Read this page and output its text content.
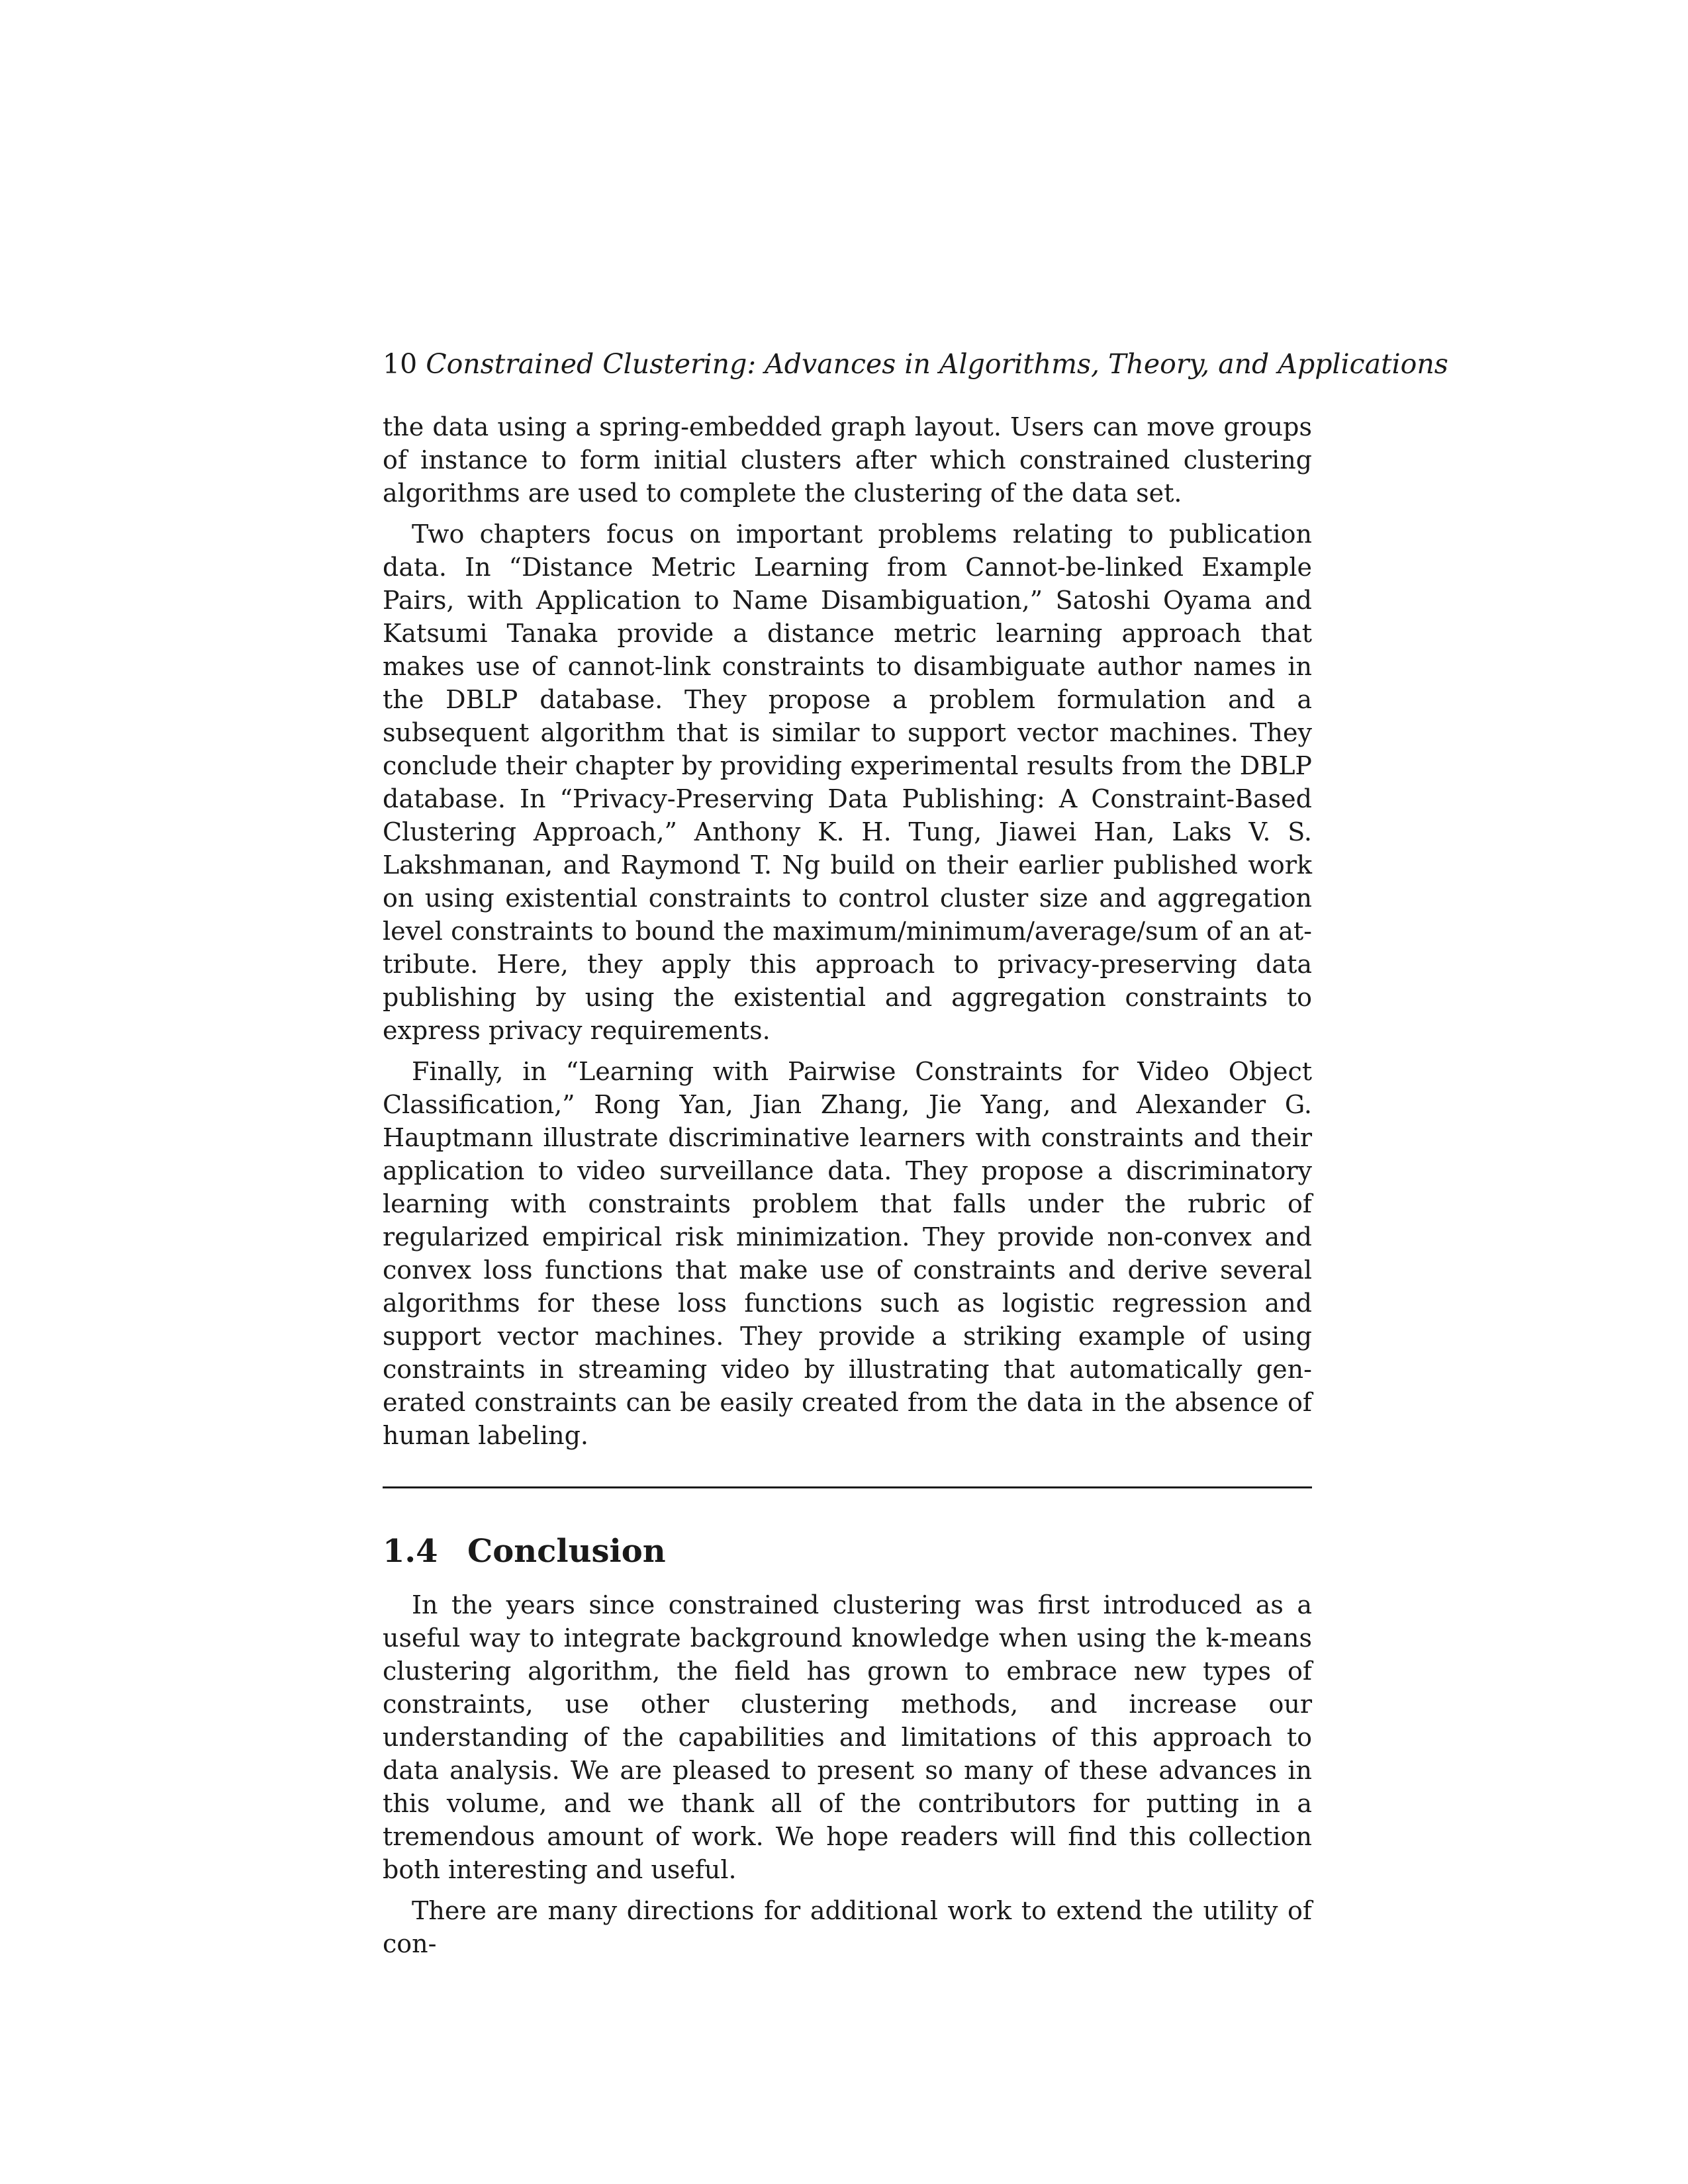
10 Constrained Clustering: Advances in Algorithms, Theory, and Applications

the data using a spring-embedded graph layout. Users can move groups of instance to form initial clusters after which constrained clustering algorithms are used to complete the clustering of the data set.

Two chapters focus on important problems relating to publication data. In “Distance Metric Learning from Cannot-be-linked Example Pairs, with Application to Name Disambiguation,” Satoshi Oyama and Katsumi Tanaka provide a distance metric learning approach that makes use of cannot-link constraints to disambiguate author names in the DBLP database. They propose a problem formulation and a subsequent algorithm that is similar to support vector machines. They conclude their chapter by providing experimental results from the DBLP database. In “Privacy-Preserving Data Publishing: A Constraint-Based Clustering Approach,” Anthony K. H. Tung, Jiawei Han, Laks V. S. Lakshmanan, and Raymond T. Ng build on their earlier published work on using existential constraints to control cluster size and aggregation level constraints to bound the maximum/minimum/average/sum of an attribute. Here, they apply this approach to privacy-preserving data publishing by using the existential and aggregation constraints to express privacy requirements.

Finally, in “Learning with Pairwise Constraints for Video Object Classification,” Rong Yan, Jian Zhang, Jie Yang, and Alexander G. Hauptmann illustrate discriminative learners with constraints and their application to video surveillance data. They propose a discriminatory learning with constraints problem that falls under the rubric of regularized empirical risk minimization. They provide non-convex and convex loss functions that make use of constraints and derive several algorithms for these loss functions such as logistic regression and support vector machines. They provide a striking example of using constraints in streaming video by illustrating that automatically generated constraints can be easily created from the data in the absence of human labeling.

1.4 Conclusion

In the years since constrained clustering was first introduced as a useful way to integrate background knowledge when using the k-means clustering algorithm, the field has grown to embrace new types of constraints, use other clustering methods, and increase our understanding of the capabilities and limitations of this approach to data analysis. We are pleased to present so many of these advances in this volume, and we thank all of the contributors for putting in a tremendous amount of work. We hope readers will find this collection both interesting and useful.

There are many directions for additional work to extend the utility of con-
